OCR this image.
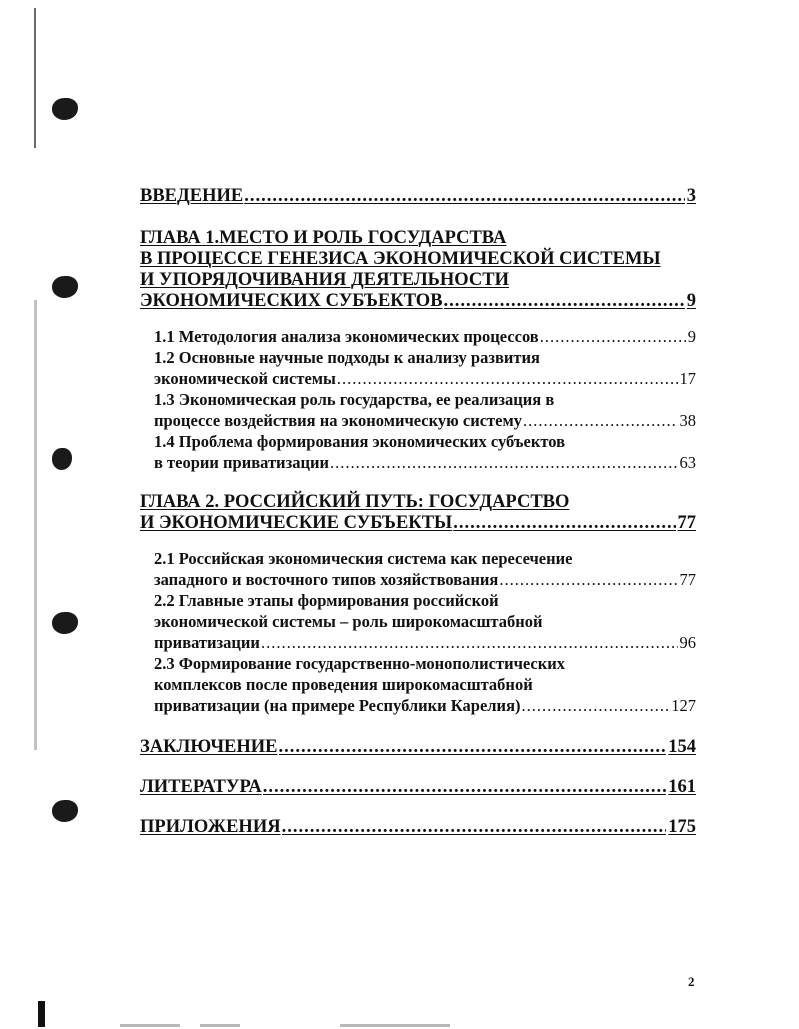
ВВЕДЕНИЕ .....	3
ГЛАВА 1.МЕСТО И РОЛЬ ГОСУДАРСТВА
В ПРОЦЕССЕ ГЕНЕЗИСА ЭКОНОМИЧЕСКОЙ СИСТЕМЫ
И УПОРЯДОЧИВАНИЯ ДЕЯТЕЛЬНОСТИ
ЭКОНОМИЧЕСКИХ СУБЪЕКТОВ .....	9
1.1 Методология анализа экономических процессов .....	9
1.2 Основные научные подходы к анализу развития
экономической системы .....	17
1.3 Экономическая роль государства, ее реализация в
процессе воздействия на экономическую систему .....	38
1.4 Проблема формирования экономических субъектов
в теории приватизации .....	63
ГЛАВА 2. РОССИЙСКИЙ ПУТЬ: ГОСУДАРСТВО
И ЭКОНОМИЧЕСКИЕ СУБЪЕКТЫ .....	77
2.1 Российская экономическия система как пересечение
западного и восточного типов хозяйствования .....	77
2.2 Главные этапы формирования российской
экономической системы – роль широкомасштабной
приватизации .....	96
2.3 Формирование государственно-монополистических
комплексов после проведения широкомасштабной
приватизации (на примере Республики Карелия) .....	127
ЗАКЛЮЧЕНИЕ .....	154
ЛИТЕРАТУРА .....	161
ПРИЛОЖЕНИЯ .....	175
2
